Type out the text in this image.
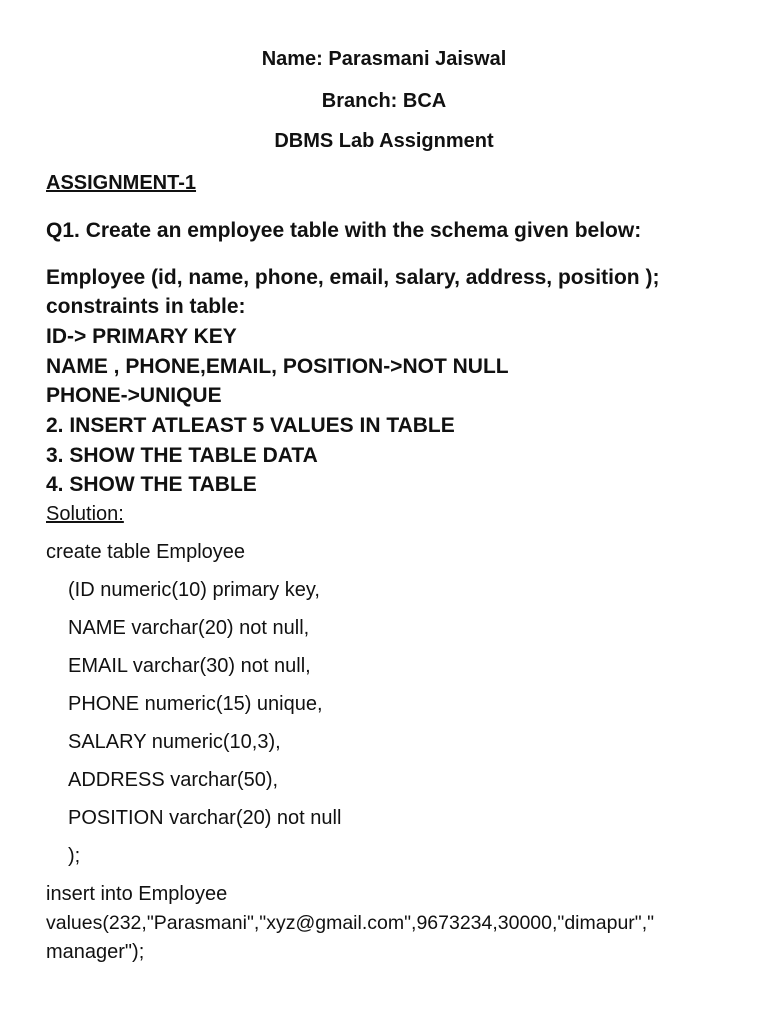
Name: Parasmani Jaiswal
Branch: BCA
DBMS Lab Assignment
ASSIGNMENT-1
Q1. Create an employee table with the schema given below:
Employee (id, name, phone, email, salary, address, position );
constraints in table:
ID-> PRIMARY KEY
NAME , PHONE,EMAIL, POSITION->NOT NULL
PHONE->UNIQUE
2. INSERT ATLEAST 5 VALUES IN TABLE
3. SHOW THE TABLE DATA
4. SHOW THE TABLE
Solution:
create table Employee
(ID numeric(10) primary key,
NAME varchar(20) not null,
EMAIL varchar(30) not null,
PHONE numeric(15) unique,
SALARY numeric(10,3),
ADDRESS varchar(50),
POSITION varchar(20) not null
);
insert into Employee
values(232,"Parasmani","xyz@gmail.com",9673234,30000,"dimapur","
manager");
